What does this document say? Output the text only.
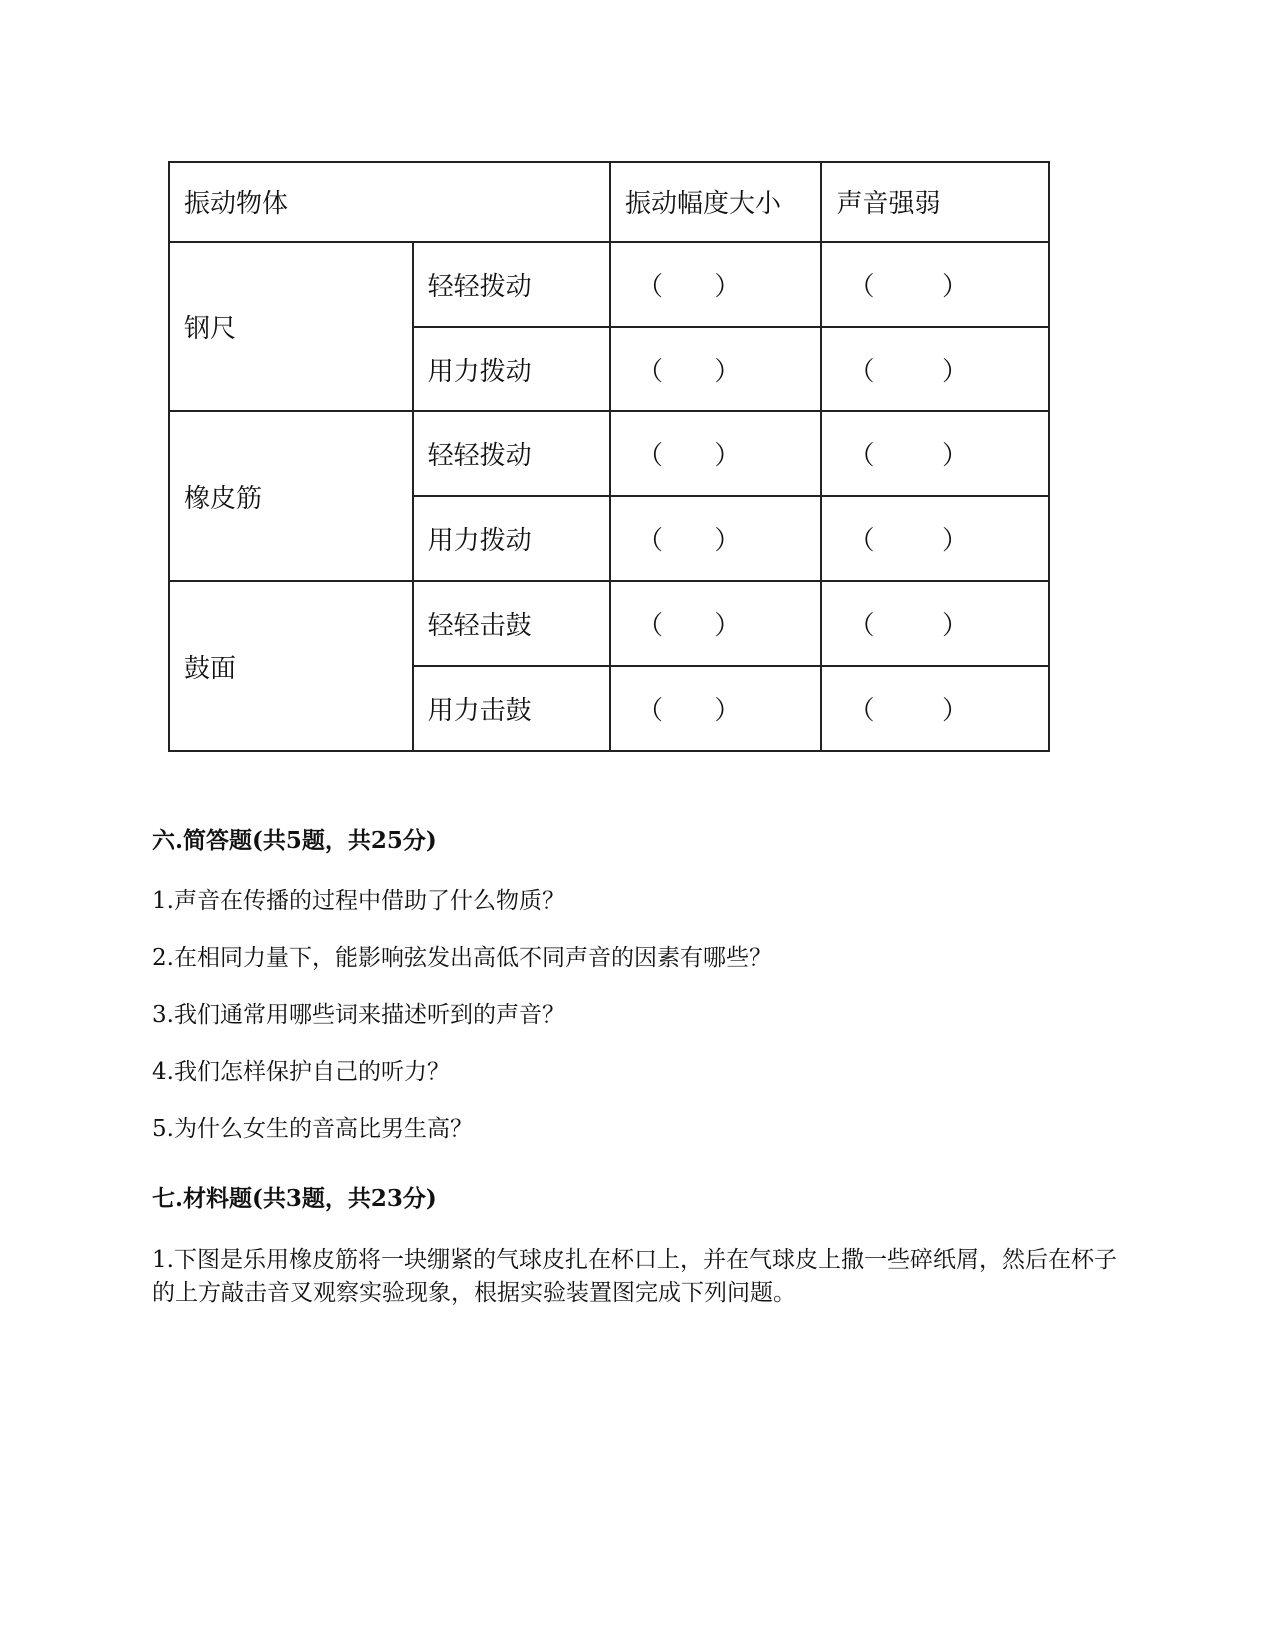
振动物体		振动幅度大小	声音强弱
钢尺	轻轻拨动	（ ）	（ ）

	用力拨动	（ ）	（ ）

橡皮筋	轻轻拨动	（ ）	（ ）

	用力拨动	（ ）	（ ）

鼓面	轻轻击鼓	（ ）	（ ）

	用力击鼓	（ ）	（ ）
六.简答题(共5题，共25分)
1.声音在传播的过程中借助了什么物质？
2.在相同力量下，能影响弦发出高低不同声音的因素有哪些？
3.我们通常用哪些词来描述听到的声音？
4.我们怎样保护自己的听力？
5.为什么女生的音高比男生高？
七.材料题(共3题，共23分)
1.下图是乐用橡皮筋将一块绷紧的气球皮扎在杯口上，并在气球皮上撒一些碎纸屑，然后在杯子的上方敲击音叉观察实验现象，根据实验装置图完成下列问题。
